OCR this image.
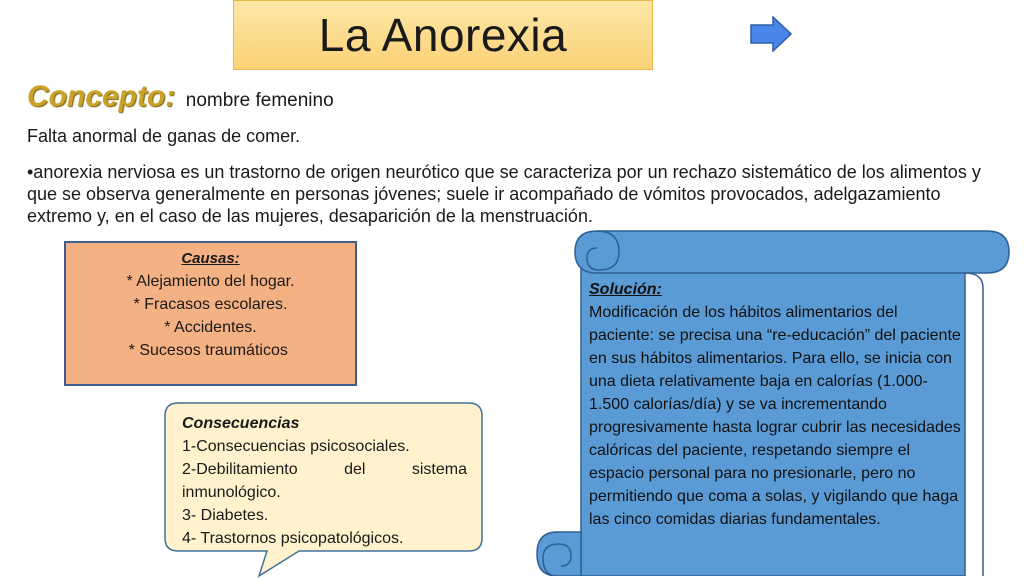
La Anorexia
Concepto: nombre femenino
Falta anormal de ganas de comer.
•anorexia nerviosa es un trastorno de origen neurótico que se caracteriza por un rechazo sistemático de los alimentos y que se observa generalmente en personas jóvenes; suele ir acompañado de vómitos provocados, adelgazamiento extremo y, en el caso de las mujeres, desaparición de la menstruación.
Causas:
* Alejamiento del hogar.
* Fracasos escolares.
* Accidentes.
* Sucesos traumáticos.
Consecuencias
1-Consecuencias psicosociales.
2-Debilitamiento del sistema
inmunológico.
3- Diabetes.
4- Trastornos psicopatológicos.
Solución:
Modificación de los hábitos alimentarios del paciente: se precisa una “re-educación” del paciente en sus hábitos alimentarios. Para ello, se inicia con una dieta relativamente baja en calorías (1.000-1.500 calorías/día) y se va incrementando progresivamente hasta lograr cubrir las necesidades calóricas del paciente, respetando siempre el espacio personal para no presionarle, pero no permitiendo que coma a solas, y vigilando que haga las cinco comidas diarias fundamentales.
